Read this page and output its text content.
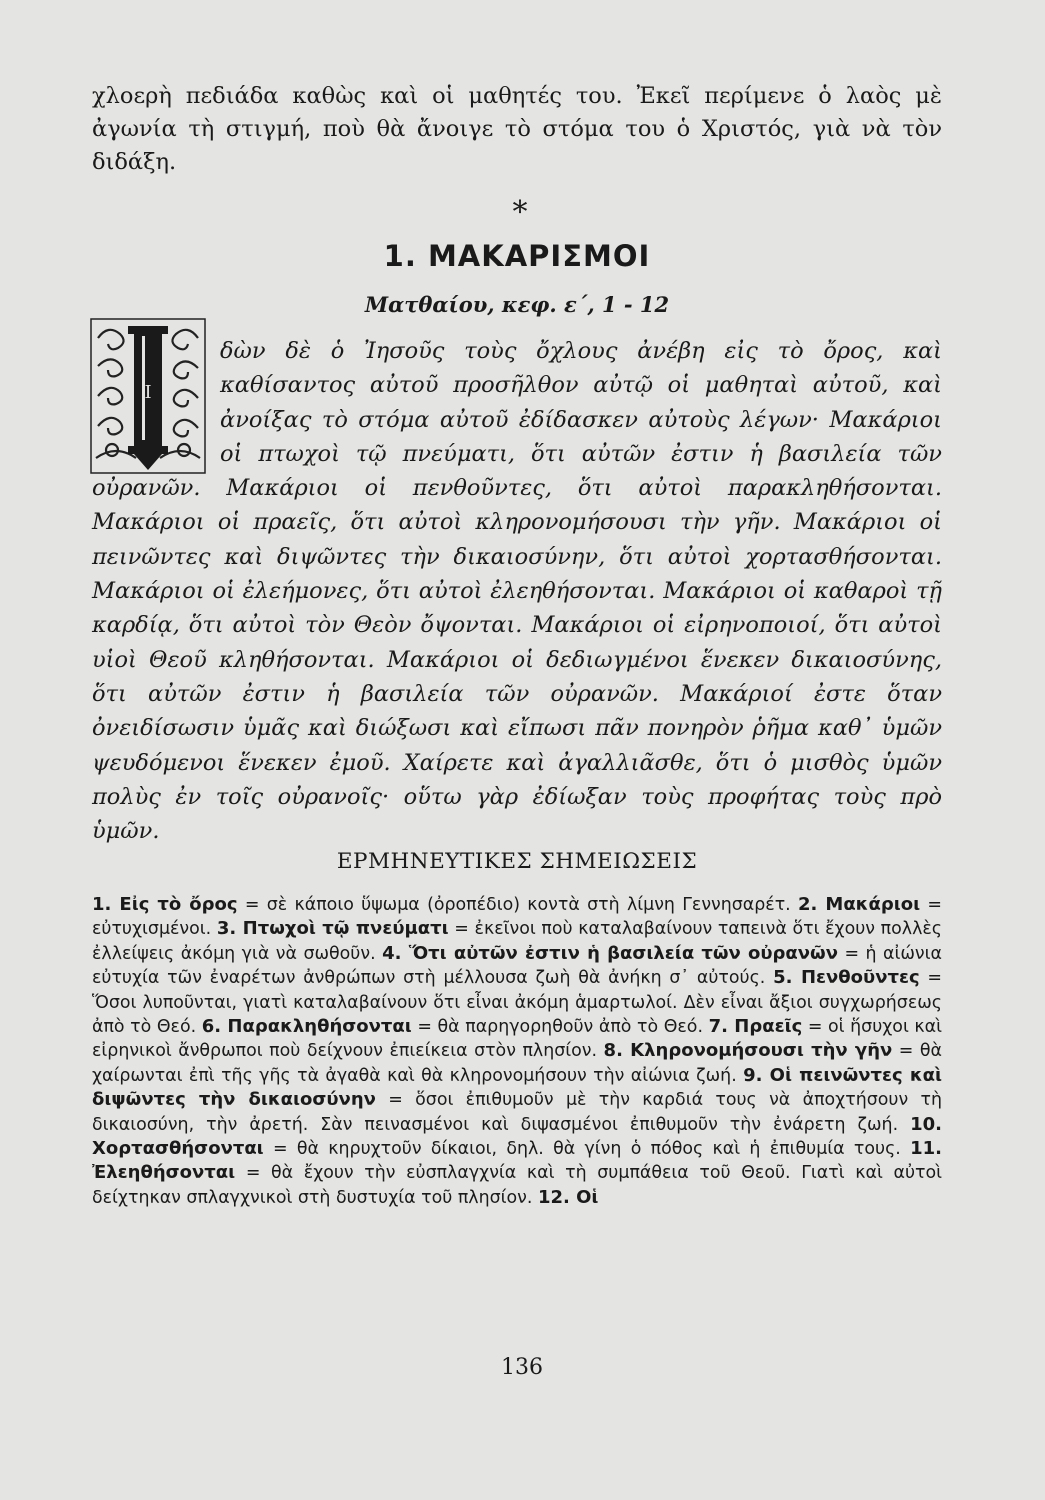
χλοερὴ πεδιάδα καθὼς καὶ οἱ μαθητές του. Ἐκεῖ περίμενε ὁ λαὸς μὲ ἀγωνία τὴ στιγμή, ποὺ θὰ ἄνοιγε τὸ στόμα του ὁ Χριστός, γιὰ νὰ τὸν διδάξη.

*
1. ΜΑΚΑΡΙΣΜΟΙ
Ματθαίου, κεφ. ε΄, 1 - 12
Ι

δὼν δὲ ὁ Ἰησοῦς τοὺς ὄχλους ἀνέβη εἰς τὸ ὄρος, καὶ καθίσαντος αὐτοῦ προσῆλθον αὐτῷ οἱ μαθηταὶ αὐτοῦ, καὶ ἀνοίξας τὸ στόμα αὐτοῦ ἐδίδασκεν αὐτοὺς λέγων· Μακάριοι οἱ πτωχοὶ τῷ πνεύματι, ὅτι αὐτῶν ἐστιν ἡ βασιλεία τῶν οὐρανῶν. Μακάριοι οἱ πενθοῦντες, ὅτι αὐτοὶ παρακληθήσονται. Μακάριοι οἱ πραεῖς, ὅτι αὐτοὶ κληρονομήσουσι τὴν γῆν. Μακάριοι οἱ πεινῶντες καὶ διψῶντες τὴν δικαιοσύνην, ὅτι αὐτοὶ χορτασθήσονται. Μακάριοι οἱ ἐλεήμονες, ὅτι αὐτοὶ ἐλεηθήσονται. Μακάριοι οἱ καθαροὶ τῇ καρδίᾳ, ὅτι αὐτοὶ τὸν Θεὸν ὄψονται. Μακάριοι οἱ εἰρηνοποιοί, ὅτι αὐτοὶ υἱοὶ Θεοῦ κληθήσονται. Μακάριοι οἱ δεδιωγμένοι ἕνεκεν δικαιοσύνης, ὅτι αὐτῶν ἐστιν ἡ βασιλεία τῶν οὐρανῶν. Μακάριοί ἐστε ὅταν ὀνειδίσωσιν ὑμᾶς καὶ διώξωσι καὶ εἴπωσι πᾶν πονηρὸν ῥῆμα καθ᾿ ὑμῶν ψευδόμενοι ἕνεκεν ἐμοῦ. Χαίρετε καὶ ἀγαλλιᾶσθε, ὅτι ὁ μισθὸς ὑμῶν πολὺς ἐν τοῖς οὐρανοῖς· οὕτω γὰρ ἐδίωξαν τοὺς προφήτας τοὺς πρὸ ὑμῶν.

ΕΡΜΗΝΕΥΤΙΚΕΣ ΣΗΜΕΙΩΣΕΙΣ

1. Εἰς τὸ ὄρος = σὲ κάποιο ὕψωμα (ὀροπέδιο) κοντὰ στὴ λίμνη Γεννησαρέτ. 2. Μακάριοι = εὐτυχισμένοι. 3. Πτωχοὶ τῷ πνεύματι = ἐκεῖνοι ποὺ καταλαβαίνουν ταπεινὰ ὅτι ἔχουν πολλὲς ἐλλείψεις ἀκόμη γιὰ νὰ σωθοῦν. 4. Ὅτι αὐτῶν ἐστιν ἡ βασιλεία τῶν οὐρανῶν = ἡ αἰώνια εὐτυχία τῶν ἐναρέτων ἀνθρώπων στὴ μέλλουσα ζωὴ θὰ ἀνήκη σ᾿ αὐτούς. 5. Πενθοῦντες = Ὅσοι λυποῦνται, γιατὶ καταλαβαίνουν ὅτι εἶναι ἀκόμη ἁμαρτωλοί. Δὲν εἶναι ἄξιοι συγχωρήσεως ἀπὸ τὸ Θεό. 6. Παρακληθήσονται = θὰ παρηγορηθοῦν ἀπὸ τὸ Θεό. 7. Πραεῖς = οἱ ἥσυχοι καὶ εἰρηνικοὶ ἄνθρωποι ποὺ δείχνουν ἐπιείκεια στὸν πλησίον. 8. Κληρονομήσουσι τὴν γῆν = θὰ χαίρωνται ἐπὶ τῆς γῆς τὰ ἀγαθὰ καὶ θὰ κληρονομήσουν τὴν αἰώνια ζωή. 9. Οἱ πεινῶντες καὶ διψῶντες τὴν δικαιοσύνην = ὅσοι ἐπιθυμοῦν μὲ τὴν καρδιά τους νὰ ἀποχτήσουν τὴ δικαιοσύνη, τὴν ἀρετή. Σὰν πεινασμένοι καὶ διψασμένοι ἐπιθυμοῦν τὴν ἐνάρετη ζωή. 10. Χορτασθήσονται = θὰ κηρυχτοῦν δίκαιοι, δηλ. θὰ γίνη ὁ πόθος καὶ ἡ ἐπιθυμία τους. 11. Ἐλεηθήσονται = θὰ ἔχουν τὴν εὐσπλαγχνία καὶ τὴ συμπάθεια τοῦ Θεοῦ. Γιατὶ καὶ αὐτοὶ δείχτηκαν σπλαγχνικοὶ στὴ δυστυχία τοῦ πλησίον. 12. Οἱ

136
